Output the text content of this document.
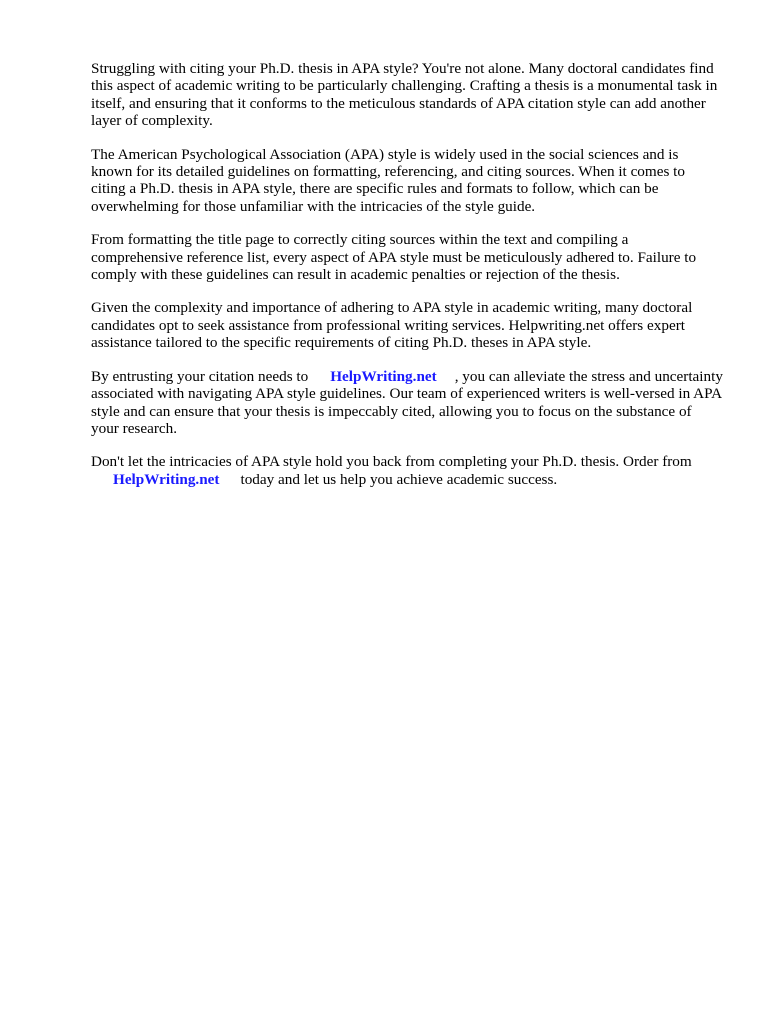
Struggling with citing your Ph.D. thesis in APA style? You're not alone. Many doctoral candidates find this aspect of academic writing to be particularly challenging. Crafting a thesis is a monumental task in itself, and ensuring that it conforms to the meticulous standards of APA citation style can add another layer of complexity.

The American Psychological Association (APA) style is widely used in the social sciences and is known for its detailed guidelines on formatting, referencing, and citing sources. When it comes to citing a Ph.D. thesis in APA style, there are specific rules and formats to follow, which can be overwhelming for those unfamiliar with the intricacies of the style guide.

From formatting the title page to correctly citing sources within the text and compiling a comprehensive reference list, every aspect of APA style must be meticulously adhered to. Failure to comply with these guidelines can result in academic penalties or rejection of the thesis.

Given the complexity and importance of adhering to APA style in academic writing, many doctoral candidates opt to seek assistance from professional writing services. Helpwriting.net offers expert assistance tailored to the specific requirements of citing Ph.D. theses in APA style.

By entrusting your citation needs to HelpWriting.net , you can alleviate the stress and uncertainty associated with navigating APA style guidelines. Our team of experienced writers is well-versed in APA style and can ensure that your thesis is impeccably cited, allowing you to focus on the substance of your research.

Don't let the intricacies of APA style hold you back from completing your Ph.D. thesis. Order from
HelpWriting.net today and let us help you achieve academic success.
